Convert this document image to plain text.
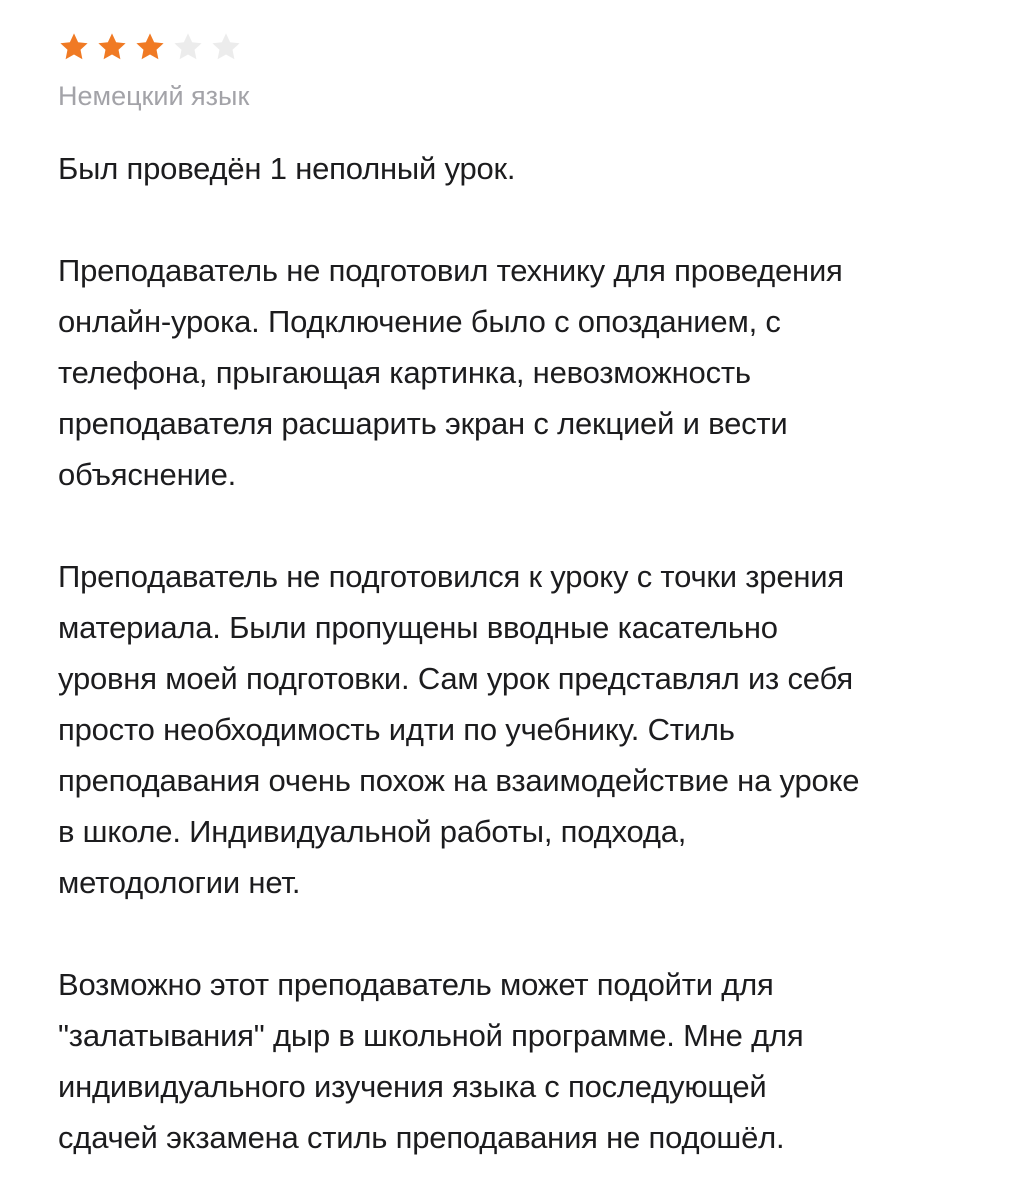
Немецкий язык

Был проведён 1 неполный урок.

Преподаватель не подготовил технику для проведения
онлайн-урока. Подключение было с опозданием, с
телефона, прыгающая картинка, невозможность
преподавателя расшарить экран с лекцией и вести
объяснение.

Преподаватель не подготовился к уроку с точки зрения
материала. Были пропущены вводные касательно
уровня моей подготовки. Сам урок представлял из себя
просто необходимость идти по учебнику. Стиль
преподавания очень похож на взаимодействие на уроке
в школе. Индивидуальной работы, подхода,
методологии нет.

Возможно этот преподаватель может подойти для
"залатывания" дыр в школьной программе. Мне для
индивидуального изучения языка с последующей
сдачей экзамена стиль преподавания не подошёл.
